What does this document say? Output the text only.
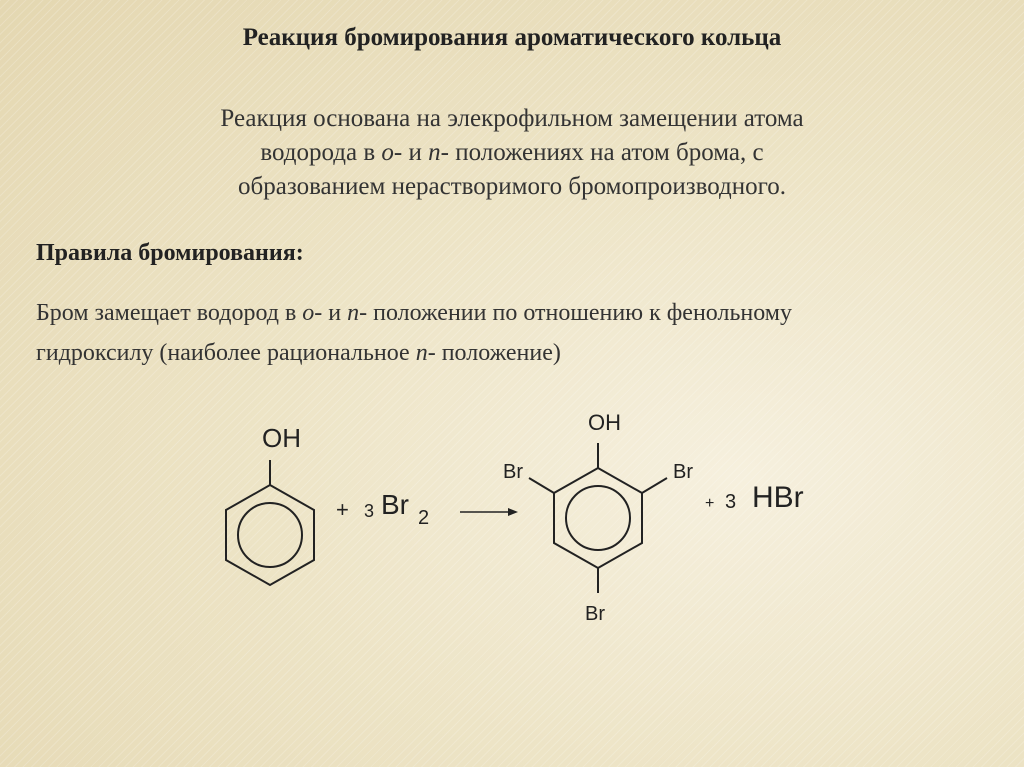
Реакция бромирования ароматического кольца
Реакция основана на элекрофильном замещении атома
водорода в о- и п- положениях на атом брома, с
образованием нерастворимого бромопроизводного.
Правила бромирования:
Бром замещает водород в о- и п- положении по отношению к фенольному
гидроксилу (наиболее рациональное п- положение)
OH
+ 3 Br 2
OH
Br	Br
Br
+ 3 HBr
